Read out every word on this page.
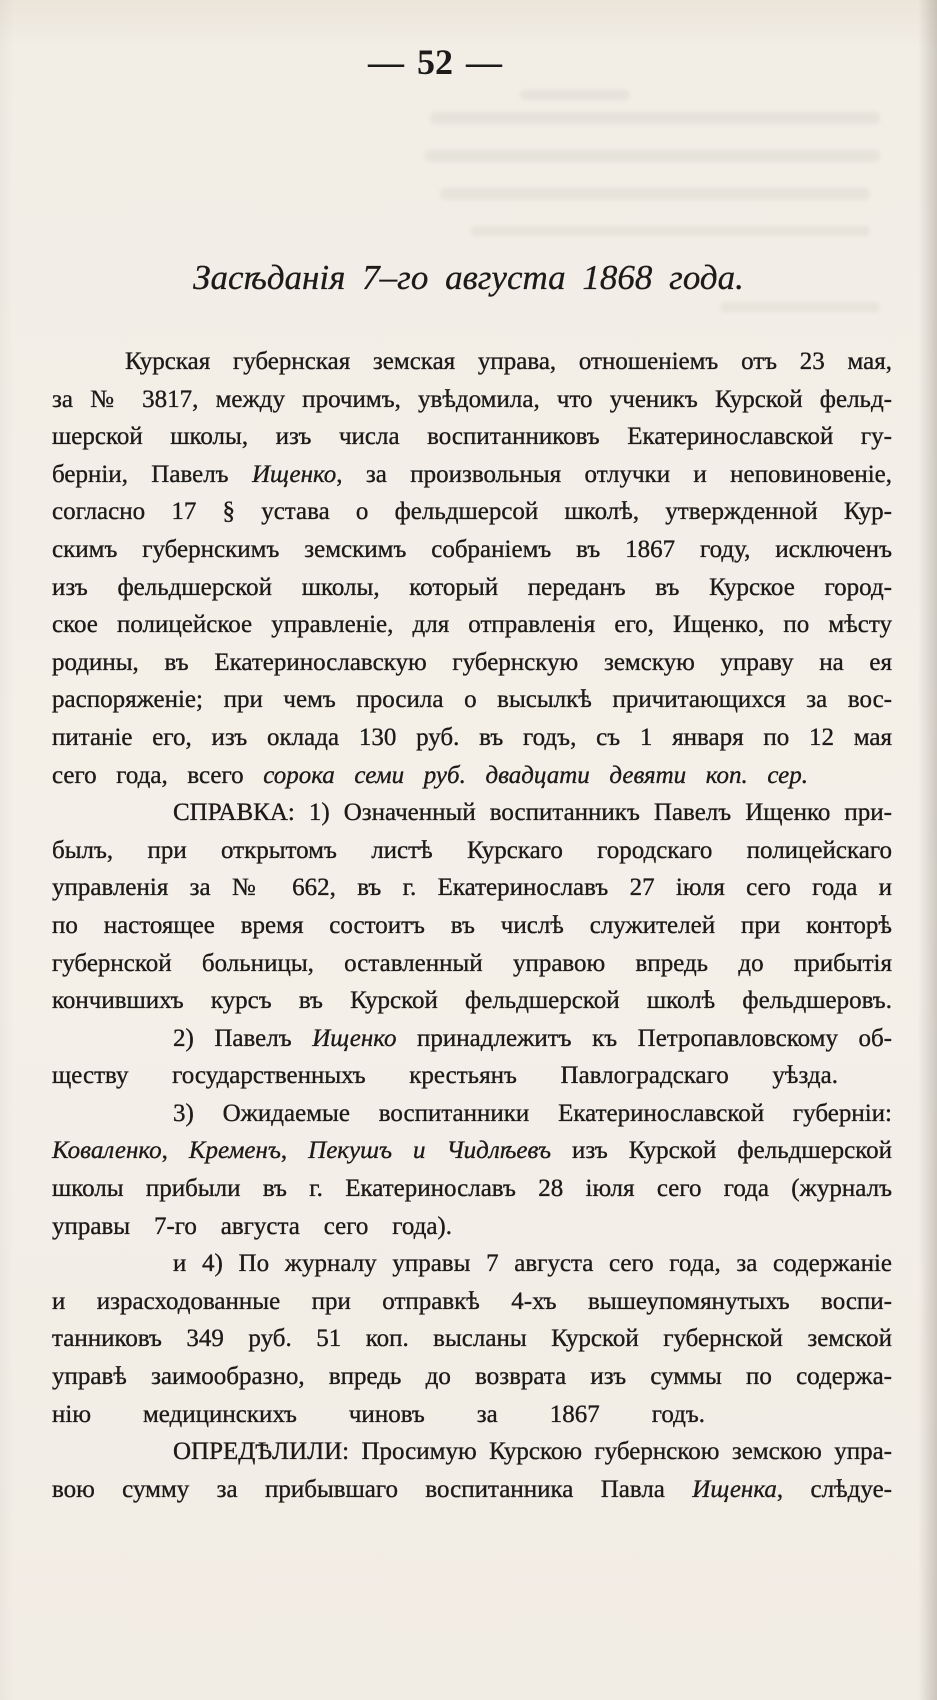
— 52 —
Засѣданія 7–го августа 1868 года.
Курская губернская земская управа, отношеніемъ отъ 23 мая,
за № 3817, между прочимъ, увѣдомила, что ученикъ Курской фельд-
шерской школы, изъ числа воспитанниковъ Екатеринославской гу-
берніи, Павелъ Ищенко, за произвольныя отлучки и неповиновеніе,
согласно 17 § устава о фельдшерсой школѣ, утвержденной Кур-
скимъ губернскимъ земскимъ собраніемъ въ 1867 году, исключенъ
изъ фельдшерской школы, который переданъ въ Курское город-
ское полицейское управленіе, для отправленія его, Ищенко, по мѣсту
родины, въ Екатеринославскую губернскую земскую управу на ея
распоряженіе; при чемъ просила о высылкѣ причитающихся за вос-
питаніе его, изъ оклада 130 руб. въ годъ, съ 1 января по 12 мая
сего года, всего сорока семи руб. двадцати девяти коп. сер.
СПРАВКА: 1) Означенный воспитанникъ Павелъ Ищенко при-
былъ, при открытомъ листѣ Курскаго городскаго полицейскаго
управленія за № 662, въ г. Екатеринославъ 27 іюля сего года и
по настоящее время состоитъ въ числѣ служителей при конторѣ
губернской больницы, оставленный управою впредь до прибытія
кончившихъ курсъ въ Курской фельдшерской школѣ фельдшеровъ.
2) Павелъ Ищенко принадлежитъ къ Петропавловскому об-
ществу государственныхъ крестьянъ Павлоградскаго уѣзда.
3) Ожидаемые воспитанники Екатеринославской губерніи:
Коваленко, Кременъ, Пекушъ и Чидлѣевъ изъ Курской фельдшерской
школы прибыли въ г. Екатеринославъ 28 іюля сего года (журналъ
управы 7-го августа сего года).
и 4) По журналу управы 7 августа сего года, за содержаніе
и израсходованные при отправкѣ 4-хъ вышеупомянутыхъ воспи-
танниковъ 349 руб. 51 коп. высланы Курской губернской земской
управѣ заимообразно, впредь до возврата изъ суммы по содержа-
нію медицинскихъ чиновъ за 1867 годъ.
ОПРЕДѢЛИЛИ: Просимую Курскою губернскою земскою упра-
вою сумму за прибывшаго воспитанника Павла Ищенка, слѣдуе-
